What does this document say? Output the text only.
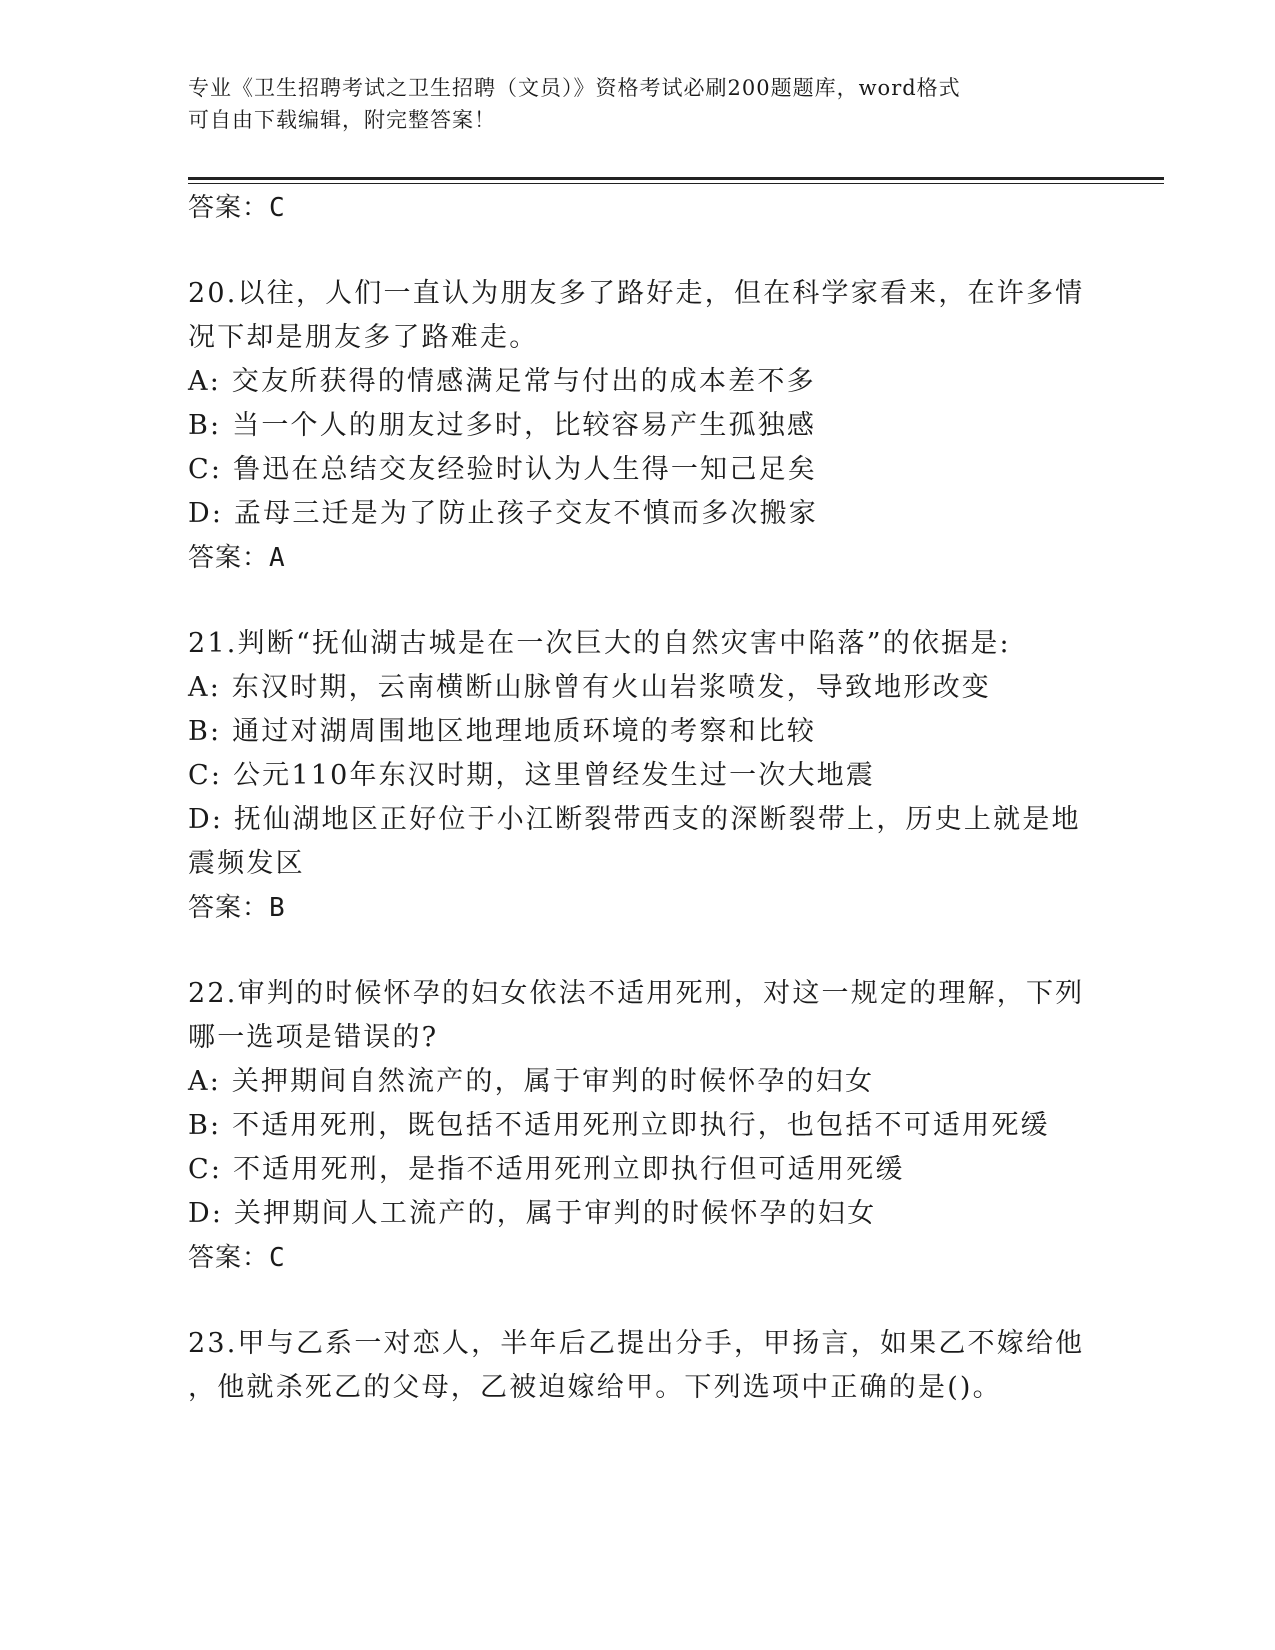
专业《卫生招聘考试之卫生招聘（文员）》资格考试必刷200题题库，word格式
可自由下载编辑，附完整答案！
答案：C
20.以往，人们一直认为朋友多了路好走，但在科学家看来，在许多情
况下却是朋友多了路难走。
A: 交友所获得的情感满足常与付出的成本差不多
B: 当一个人的朋友过多时，比较容易产生孤独感
C: 鲁迅在总结交友经验时认为人生得一知己足矣
D: 孟母三迁是为了防止孩子交友不慎而多次搬家
答案：A
21.判断“抚仙湖古城是在一次巨大的自然灾害中陷落”的依据是:
A: 东汉时期，云南横断山脉曾有火山岩浆喷发，导致地形改变
B: 通过对湖周围地区地理地质环境的考察和比较
C: 公元110年东汉时期，这里曾经发生过一次大地震
D: 抚仙湖地区正好位于小江断裂带西支的深断裂带上，历史上就是地
震频发区
答案：B
22.审判的时候怀孕的妇女依法不适用死刑，对这一规定的理解，下列
哪一选项是错误的?
A: 关押期间自然流产的，属于审判的时候怀孕的妇女
B: 不适用死刑，既包括不适用死刑立即执行，也包括不可适用死缓
C: 不适用死刑，是指不适用死刑立即执行但可适用死缓
D: 关押期间人工流产的，属于审判的时候怀孕的妇女
答案：C
23.甲与乙系一对恋人，半年后乙提出分手，甲扬言，如果乙不嫁给他
，他就杀死乙的父母，乙被迫嫁给甲。下列选项中正确的是()。
